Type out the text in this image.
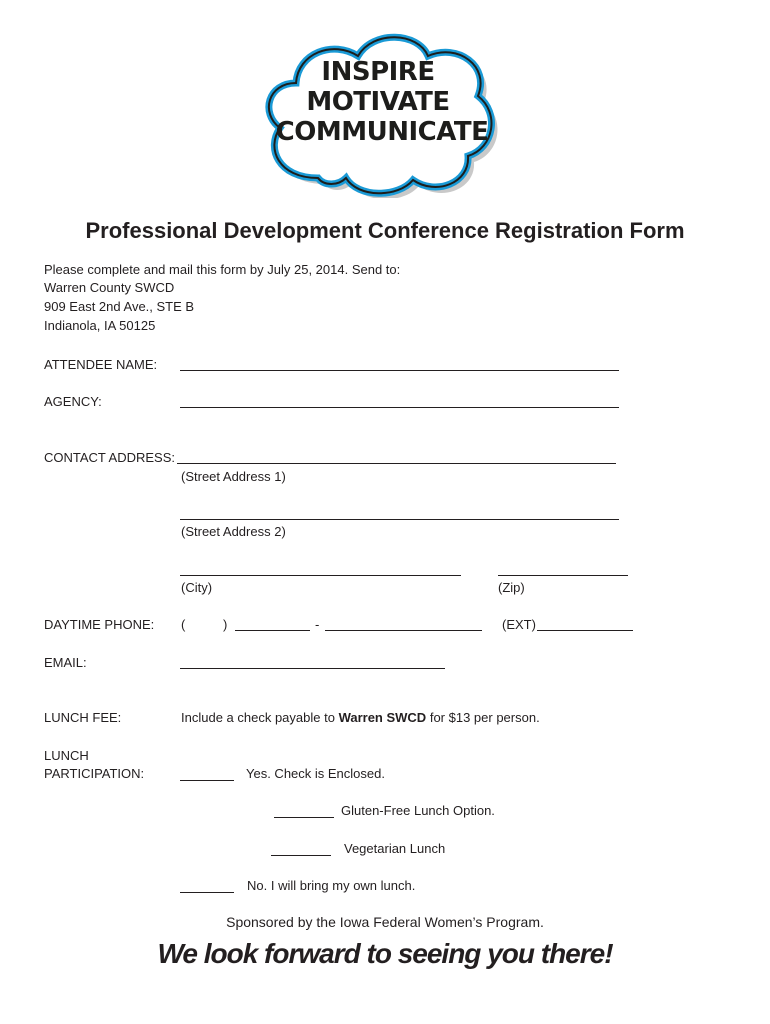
INSPIRE
MOTIVATE
COMMUNICATE
Professional Development Conference Registration Form
Please complete and mail this form by July 25, 2014. Send to:
Warren County SWCD
909 East 2nd Ave., STE B
Indianola, IA 50125
ATTENDEE NAME:
AGENCY:
CONTACT ADDRESS:
(Street Address 1)
(Street Address 2)
(City)	(Zip)
DAYTIME PHONE: (	)	-	(EXT)
EMAIL:
LUNCH FEE:	Include a check payable to Warren SWCD for $13 per person.
LUNCH
PARTICIPATION:	Yes. Check is Enclosed.
Gluten-Free Lunch Option.
Vegetarian Lunch
No. I will bring my own lunch.
Sponsored by the Iowa Federal Women’s Program.
We look forward to seeing you there!
